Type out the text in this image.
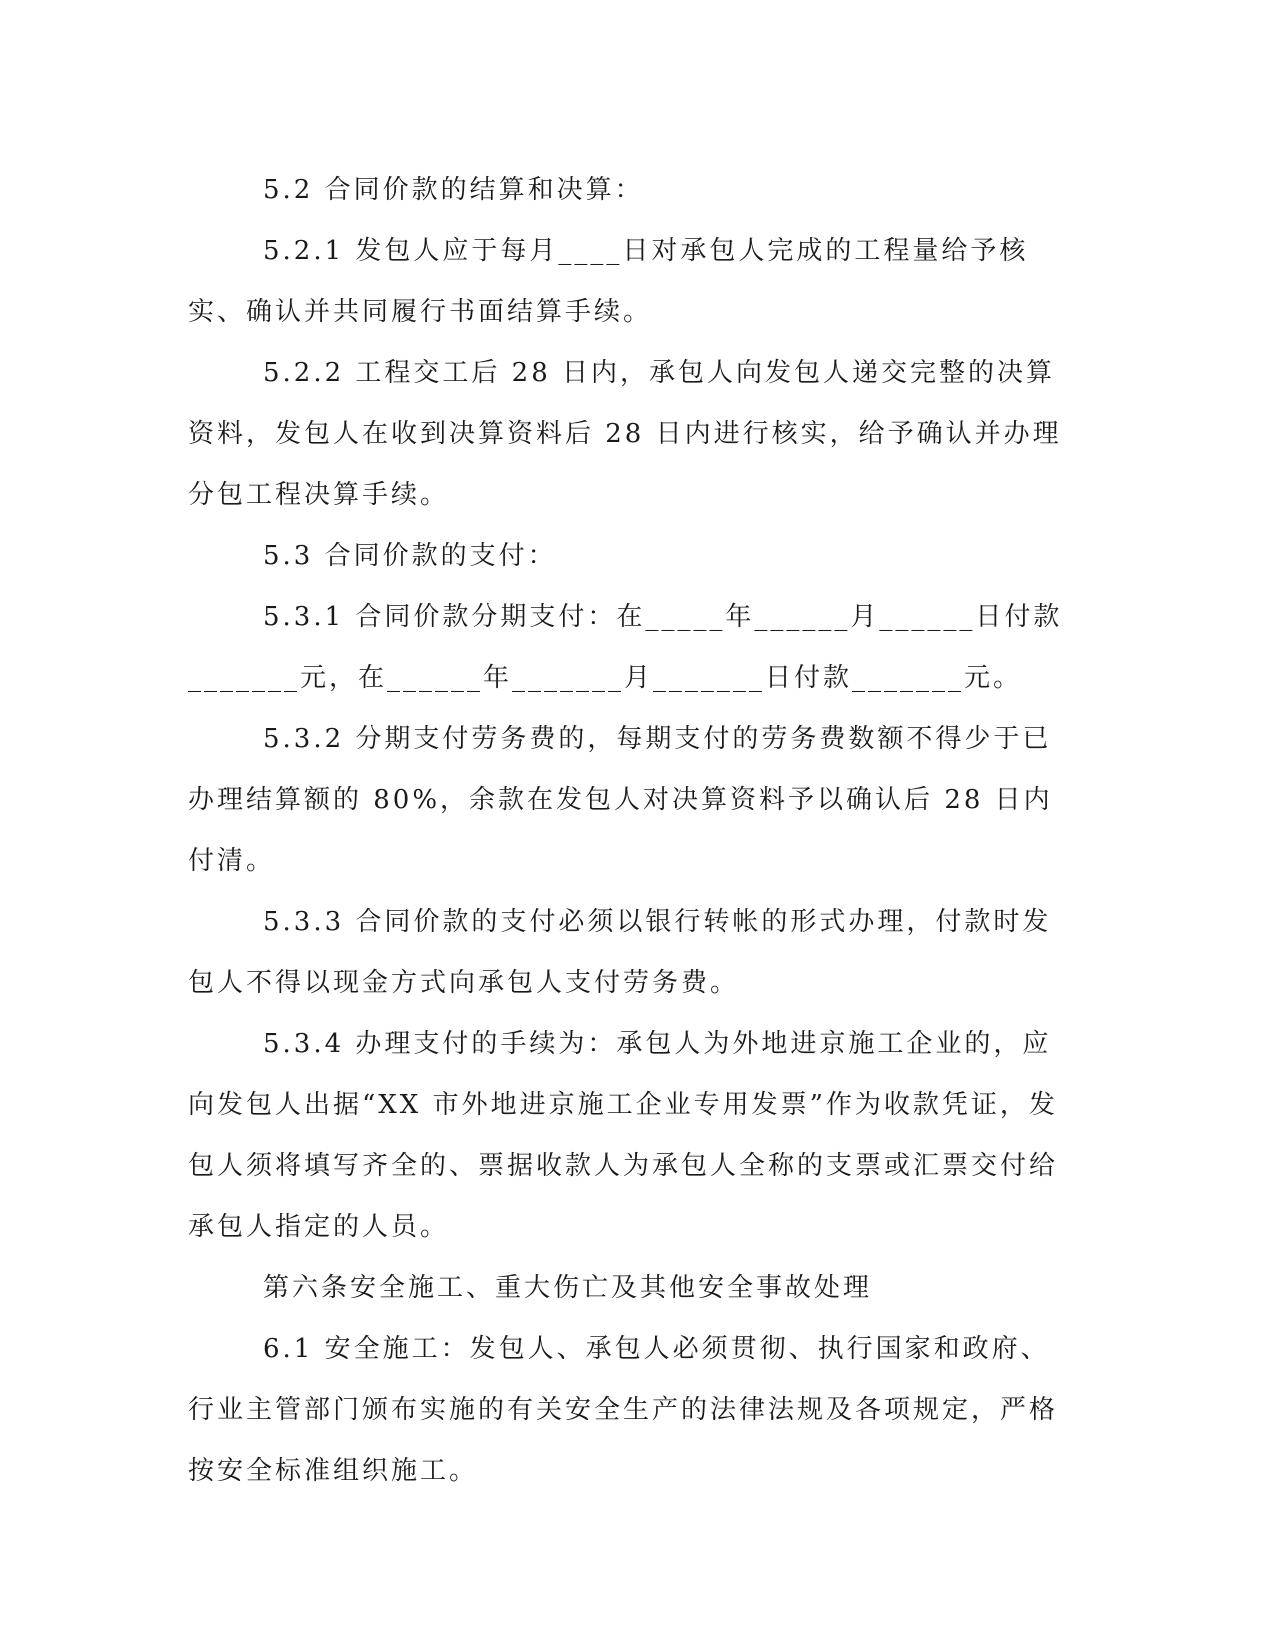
5.2 合同价款的结算和决算：

5.2.1 发包人应于每月____日对承包人完成的工程量给予核实、确认并共同履行书面结算手续。

5.2.2 工程交工后 28 日内，承包人向发包人递交完整的决算资料，发包人在收到决算资料后 28 日内进行核实，给予确认并办理分包工程决算手续。

5.3 合同价款的支付：

5.3.1 合同价款分期支付：在_____年______月______日付款_______元，在______年_______月_______日付款_______元。

5.3.2 分期支付劳务费的，每期支付的劳务费数额不得少于已办理结算额的 80%，余款在发包人对决算资料予以确认后 28 日内付清。

5.3.3 合同价款的支付必须以银行转帐的形式办理，付款时发包人不得以现金方式向承包人支付劳务费。

5.3.4 办理支付的手续为：承包人为外地进京施工企业的，应向发包人出据“XX 市外地进京施工企业专用发票”作为收款凭证，发包人须将填写齐全的、票据收款人为承包人全称的支票或汇票交付给承包人指定的人员。

第六条安全施工、重大伤亡及其他安全事故处理

6.1 安全施工：发包人、承包人必须贯彻、执行国家和政府、行业主管部门颁布实施的有关安全生产的法律法规及各项规定，严格按安全标准组织施工。
